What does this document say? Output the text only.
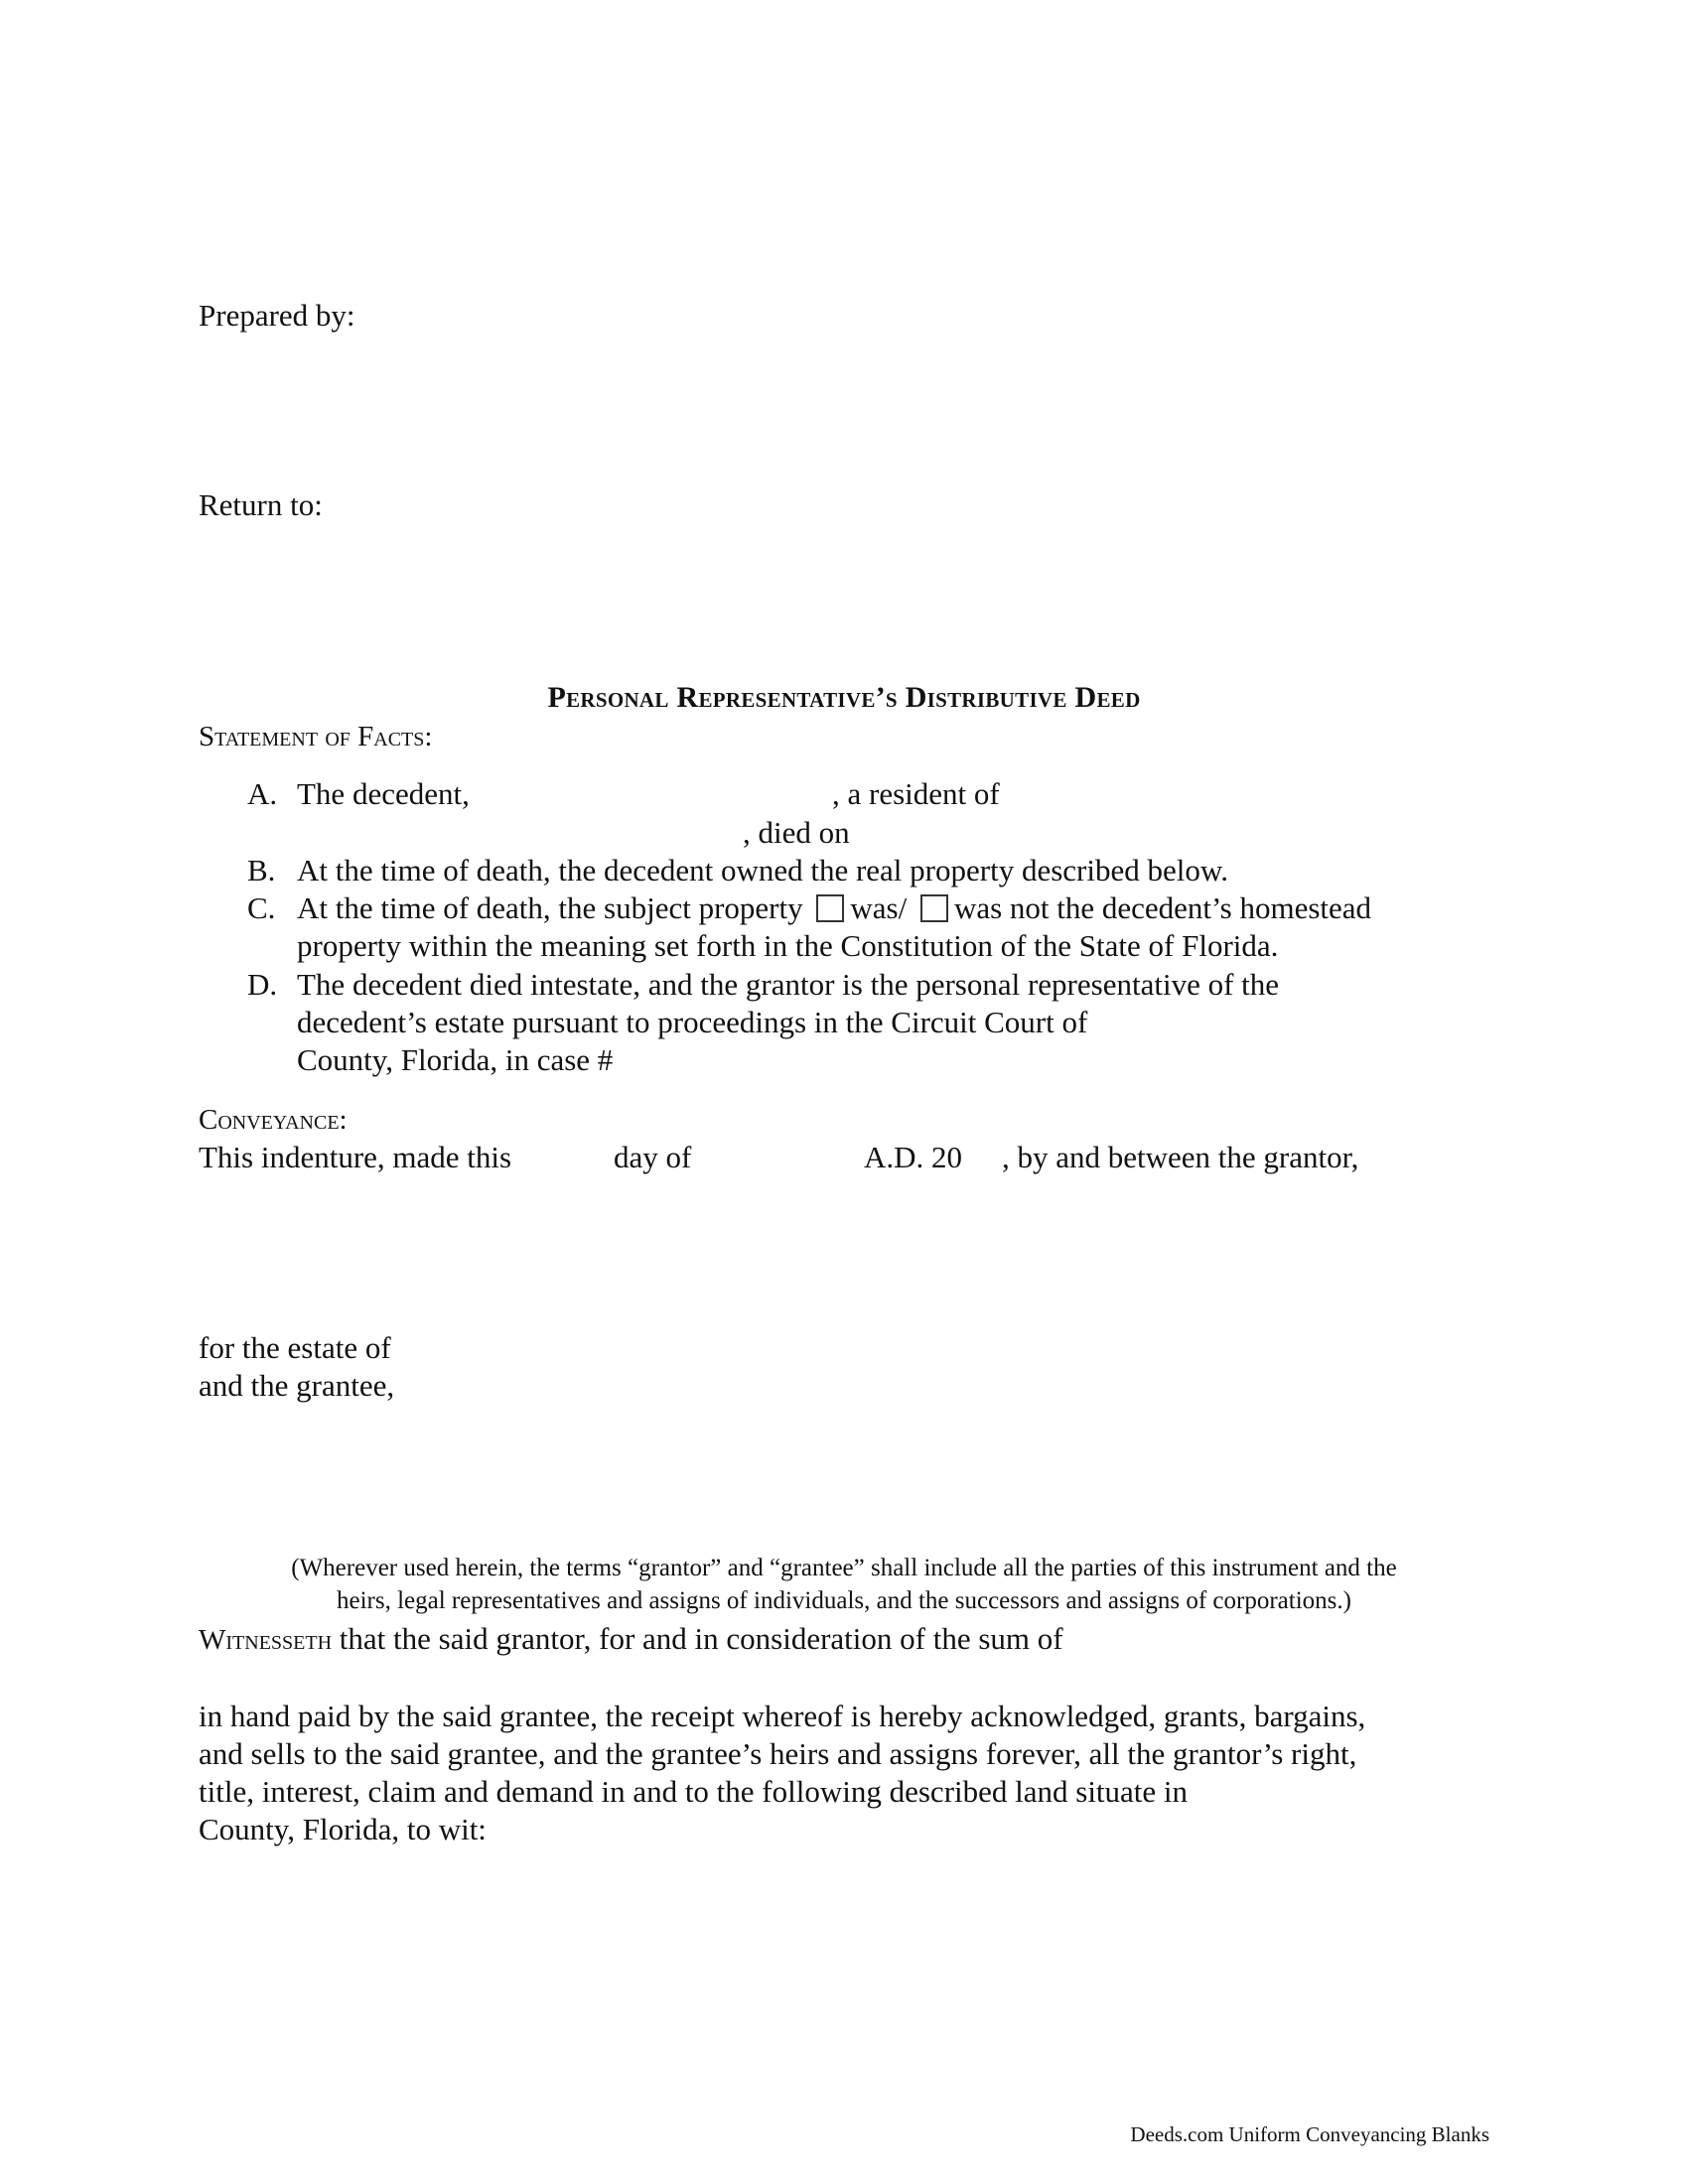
Prepared by:
Return to:
Personal Representative’s Distributive Deed
Statement of Facts:
A. The decedent,	, a resident of
, died on
B. At the time of death, the decedent owned the real property described below.
C. At the time of death, the subject property was/ was not the decedent’s homestead
property within the meaning set forth in the Constitution of the State of Florida.
D. The decedent died intestate, and the grantor is the personal representative of the
decedent’s estate pursuant to proceedings in the Circuit Court of
County, Florida, in case #
Conveyance:
This indenture, made this	day of	A.D. 20 , by and between the grantor,
for the estate of
and the grantee,
(Wherever used herein, the terms “grantor” and “grantee” shall include all the parties of this instrument and the
heirs, legal representatives and assigns of individuals, and the successors and assigns of corporations.)
Witnesseth that the said grantor, for and in consideration of the sum of
in hand paid by the said grantee, the receipt whereof is hereby acknowledged, grants, bargains,
and sells to the said grantee, and the grantee’s heirs and assigns forever, all the grantor’s right,
title, interest, claim and demand in and to the following described land situate in
County, Florida, to wit:
Deeds.com Uniform Conveyancing Blanks
